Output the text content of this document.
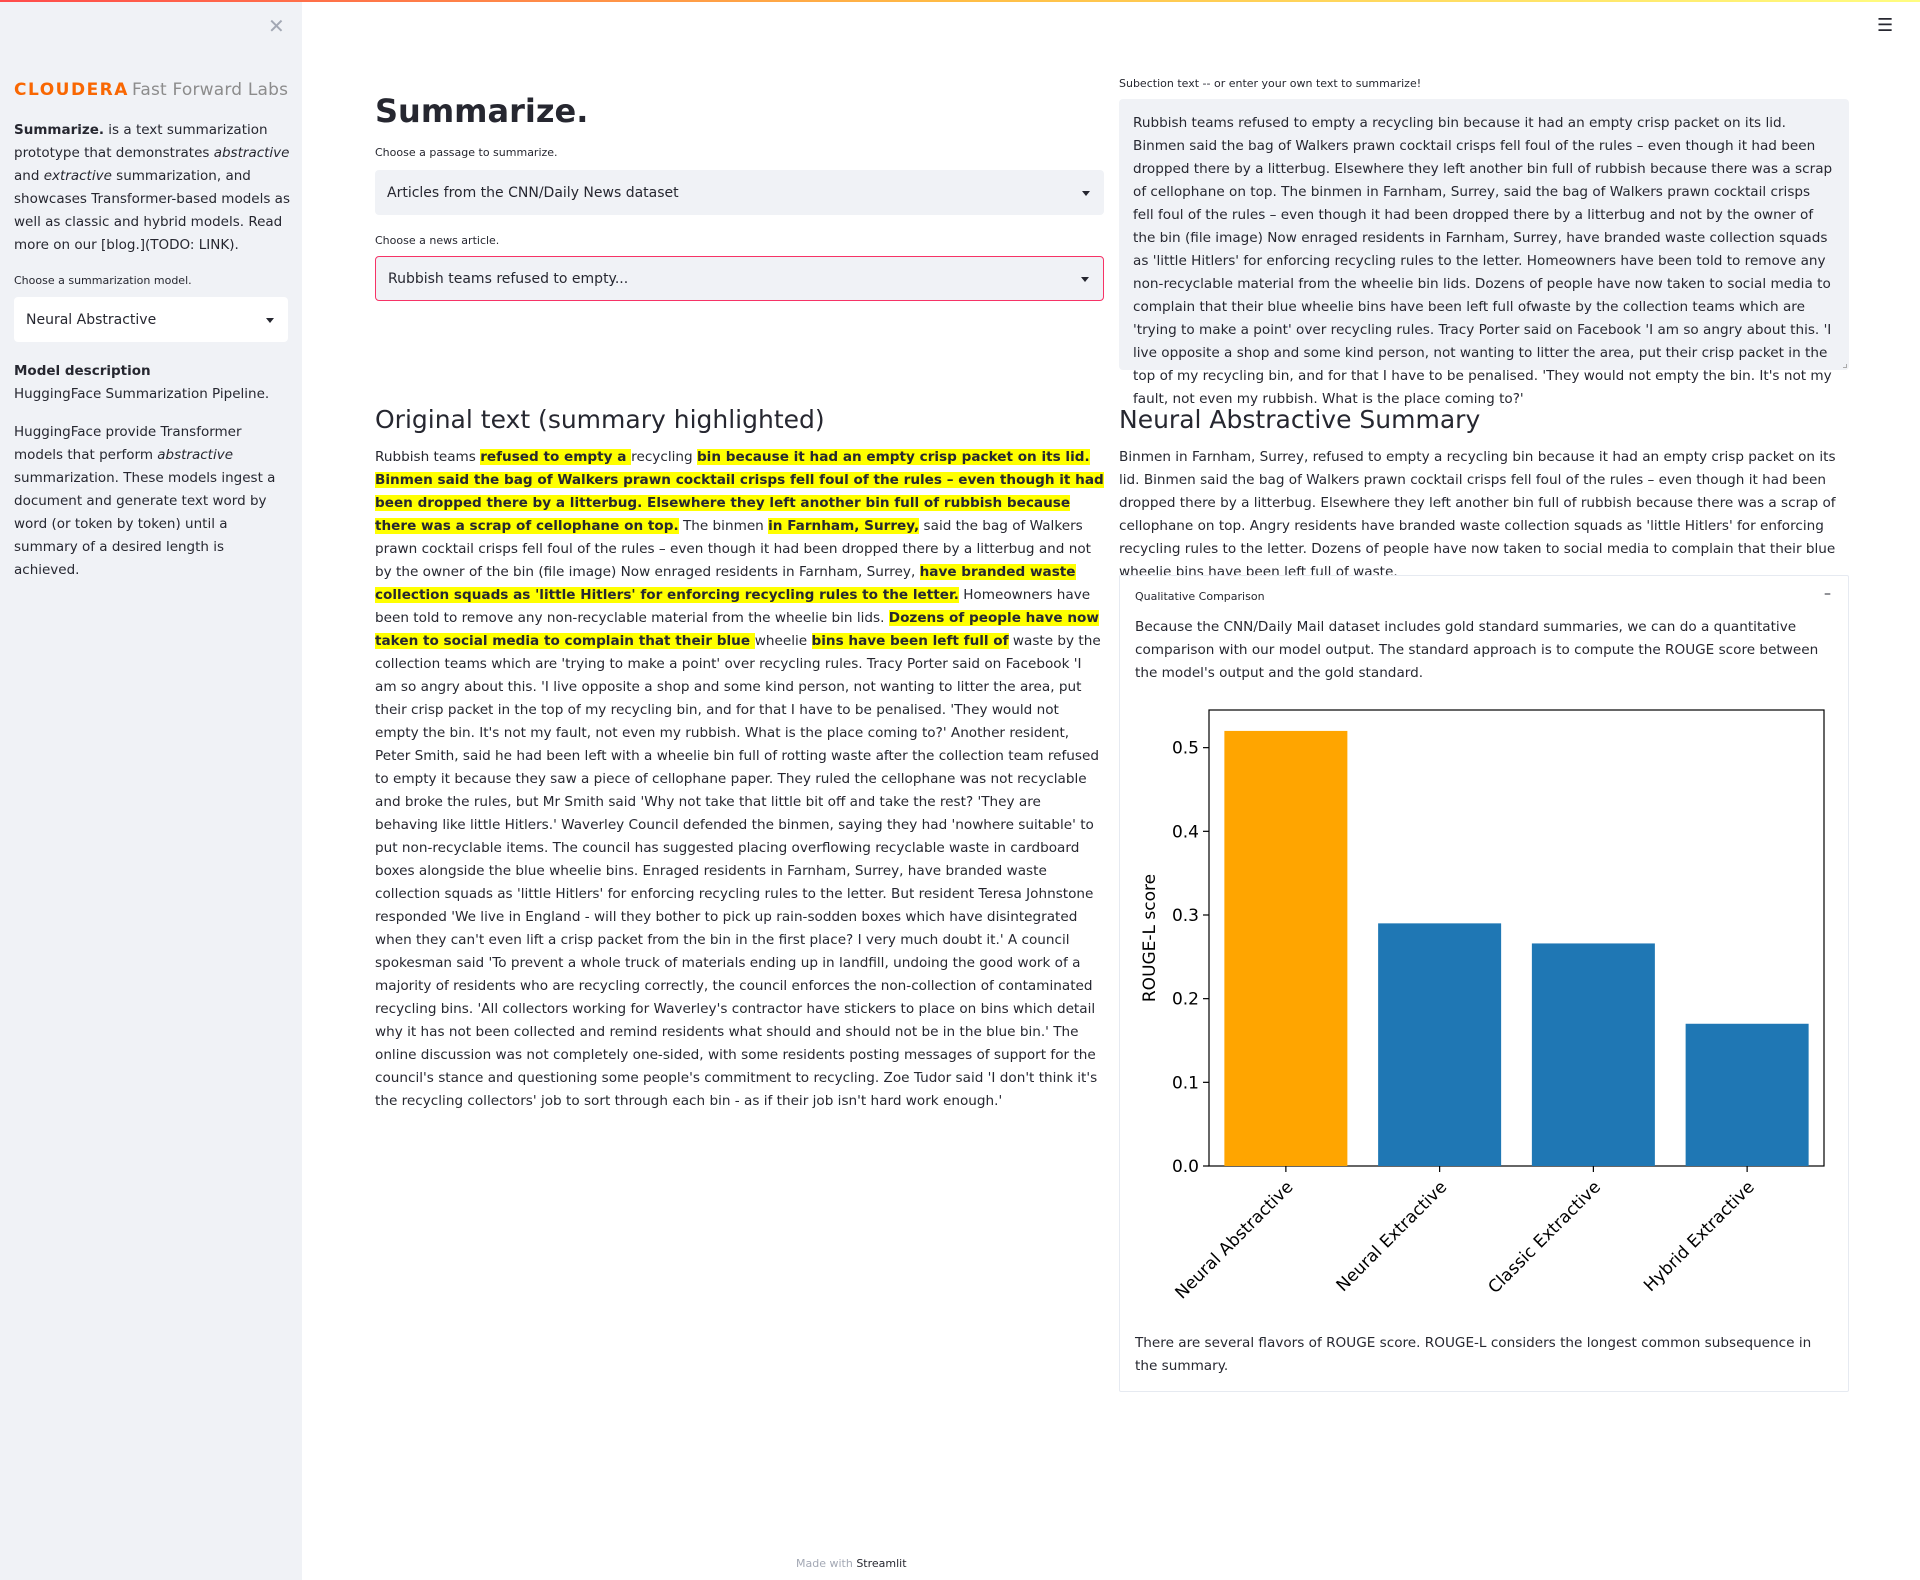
✕
CLOUDERA Fast Forward Labs
Summarize. is a text summarization prototype that demonstrates abstractive and extractive summarization, and showcases Transformer-based models as well as classic and hybrid models. Read more on our [blog.](TODO: LINK).
Choose a summarization model.
Neural Abstractive
Model description
HuggingFace Summarization Pipeline.
HuggingFace provide Transformer models that perform abstractive summarization. These models ingest a document and generate text word by word (or token by token) until a summary of a desired length is achieved.
☰
Summarize.
Choose a passage to summarize.
Articles from the CNN/Daily News dataset
Choose a news article.
Rubbish teams refused to empty...
Subection text -- or enter your own text to summarize!
Rubbish teams refused to empty a recycling bin because it had an empty crisp packet on its lid. Binmen said the bag of Walkers prawn cocktail crisps fell foul of the rules – even though it had been dropped there by a litterbug. Elsewhere they left another bin full of rubbish because there was a scrap of cellophane on top. The binmen in Farnham, Surrey, said the bag of Walkers prawn cocktail crisps fell foul of the rules – even though it had been dropped there by a litterbug and not by the owner of the bin (file image) Now enraged residents in Farnham, Surrey, have branded waste collection squads as 'little Hitlers' for enforcing recycling rules to the letter. Homeowners have been told to remove any non-recyclable material from the wheelie bin lids. Dozens of people have now taken to social media to complain that their blue wheelie bins have been left full ofwaste by the collection teams which are 'trying to make a point' over recycling rules. Tracy Porter said on Facebook 'I am so angry about this. 'I live opposite a shop and some kind person, not wanting to litter the area, put their crisp packet in the top of my recycling bin, and for that I have to be penalised. 'They would not empty the bin. It's not my fault, not even my rubbish. What is the place coming to?'
Original text (summary highlighted)
Rubbish teams refused to empty a recycling bin because it had an empty crisp packet on its lid. Binmen said the bag of Walkers prawn cocktail crisps fell foul of the rules – even though it had been dropped there by a litterbug. Elsewhere they left another bin full of rubbish because there was a scrap of cellophane on top. The binmen in Farnham, Surrey, said the bag of Walkers prawn cocktail crisps fell foul of the rules – even though it had been dropped there by a litterbug and not by the owner of the bin (file image) Now enraged residents in Farnham, Surrey, have branded waste collection squads as 'little Hitlers' for enforcing recycling rules to the letter. Homeowners have been told to remove any non-recyclable material from the wheelie bin lids. Dozens of people have now taken to social media to complain that their blue wheelie bins have been left full of waste by the collection teams which are 'trying to make a point' over recycling rules. Tracy Porter said on Facebook 'I am so angry about this. 'I live opposite a shop and some kind person, not wanting to litter the area, put their crisp packet in the top of my recycling bin, and for that I have to be penalised. 'They would not empty the bin. It's not my fault, not even my rubbish. What is the place coming to?' Another resident, Peter Smith, said he had been left with a wheelie bin full of rotting waste after the collection team refused to empty it because they saw a piece of cellophane paper. They ruled the cellophane was not recyclable and broke the rules, but Mr Smith said 'Why not take that little bit off and take the rest? 'They are behaving like little Hitlers.' Waverley Council defended the binmen, saying they had 'nowhere suitable' to put non-recyclable items. The council has suggested placing overflowing recyclable waste in cardboard boxes alongside the blue wheelie bins. Enraged residents in Farnham, Surrey, have branded waste collection squads as 'little Hitlers' for enforcing recycling rules to the letter. But resident Teresa Johnstone responded 'We live in England - will they bother to pick up rain-sodden boxes which have disintegrated when they can't even lift a crisp packet from the bin in the first place? I very much doubt it.' A council spokesman said 'To prevent a whole truck of materials ending up in landfill, undoing the good work of a majority of residents who are recycling correctly, the council enforces the non-collection of contaminated recycling bins. 'All collectors working for Waverley's contractor have stickers to place on bins which detail why it has not been collected and remind residents what should and should not be in the blue bin.' The online discussion was not completely one-sided, with some residents posting messages of support for the council's stance and questioning some people's commitment to recycling. Zoe Tudor said 'I don't think it's the recycling collectors' job to sort through each bin - as if their job isn't hard work enough.'
Neural Abstractive Summary
Binmen in Farnham, Surrey, refused to empty a recycling bin because it had an empty crisp packet on its lid. Binmen said the bag of Walkers prawn cocktail crisps fell foul of the rules – even though it had been dropped there by a litterbug. Elsewhere they left another bin full of rubbish because there was a scrap of cellophane on top. Angry residents have branded waste collection squads as 'little Hitlers' for enforcing recycling rules to the letter. Dozens of people have now taken to social media to complain that their blue wheelie bins have been left full of waste.
Qualitative Comparison	–
Because the CNN/Daily Mail dataset includes gold standard summaries, we can do a quantitative comparison with our model output. The standard approach is to compute the ROUGE score between the model's output and the gold standard.
There are several flavors of ROUGE score. ROUGE-L considers the longest common subsequence in the summary.
0.0
0.1
0.2
0.3
0.4
0.5
ROUGE-L score
Neural Abstractive Neural Extractive Classic Extractive Hybrid Extractive
Made with Streamlit
